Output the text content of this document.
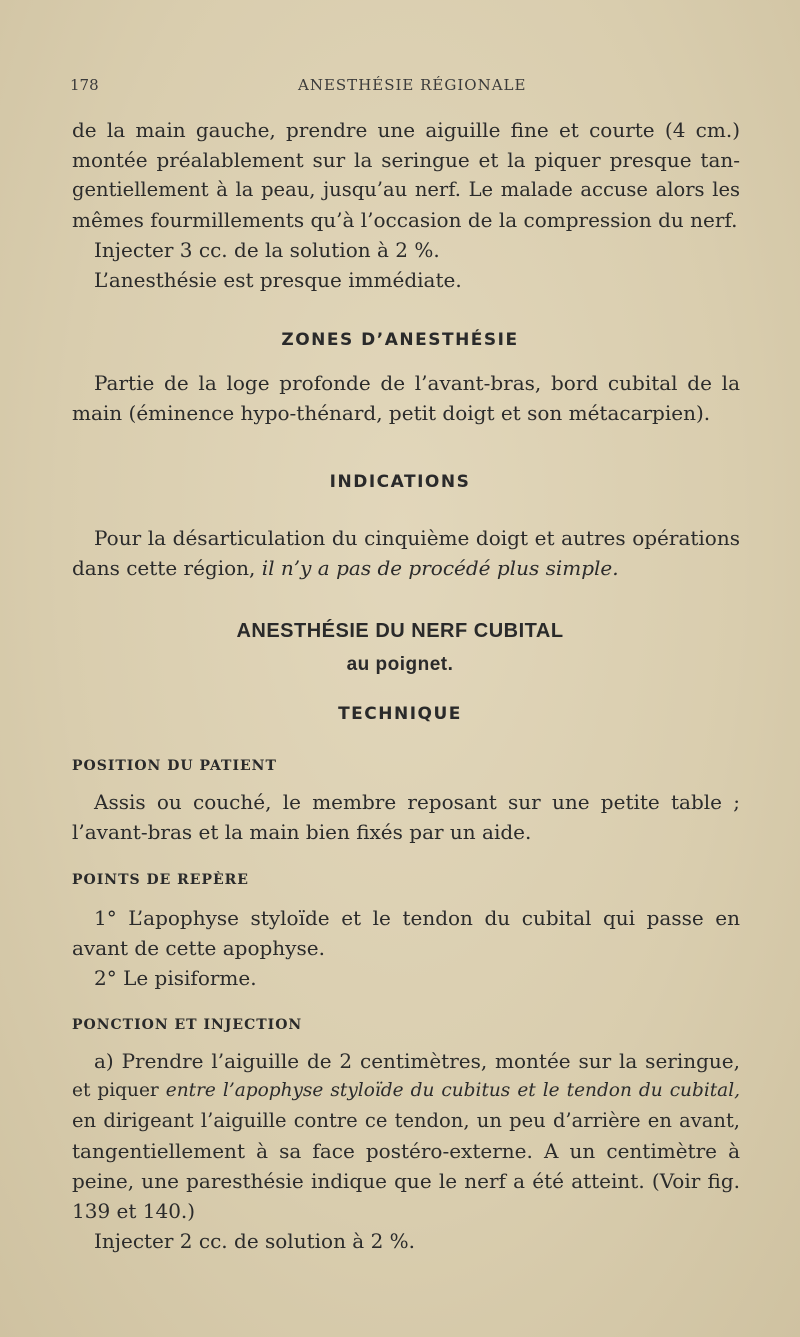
178	ANESTHÉSIE RÉGIONALE
de la main gauche, prendre une aiguille fine et courte (4 cm.)
montée préalablement sur la seringue et la piquer presque tan-
gentiellement à la peau, jusqu’au nerf. Le malade accuse alors les
mêmes fourmillements qu’à l’occasion de la compression du nerf.
Injecter 3 cc. de la solution à 2 %.
L’anesthésie est presque immédiate.
ZONES D’ANESTHÉSIE
Partie de la loge profonde de l’avant-bras, bord cubital de la
main (éminence hypo-thénard, petit doigt et son métacarpien).
INDICATIONS
Pour la désarticulation du cinquième doigt et autres opérations
dans cette région, il n’y a pas de procédé plus simple.
ANESTHÉSIE DU NERF CUBITAL
au poignet.
TECHNIQUE
POSITION DU PATIENT
Assis ou couché, le membre reposant sur une petite table ;
l’avant-bras et la main bien fixés par un aide.
POINTS DE REPÈRE
1° L’apophyse styloïde et le tendon du cubital qui passe en
avant de cette apophyse.
2° Le pisiforme.
PONCTION ET INJECTION
a) Prendre l’aiguille de 2 centimètres, montée sur la seringue,
et piquer entre l’apophyse styloïde du cubitus et le tendon du cubital,
en dirigeant l’aiguille contre ce tendon, un peu d’arrière en avant,
tangentiellement à sa face postéro-externe. A un centimètre à
peine, une paresthésie indique que le nerf a été atteint. (Voir fig.
139 et 140.)
Injecter 2 cc. de solution à 2 %.
